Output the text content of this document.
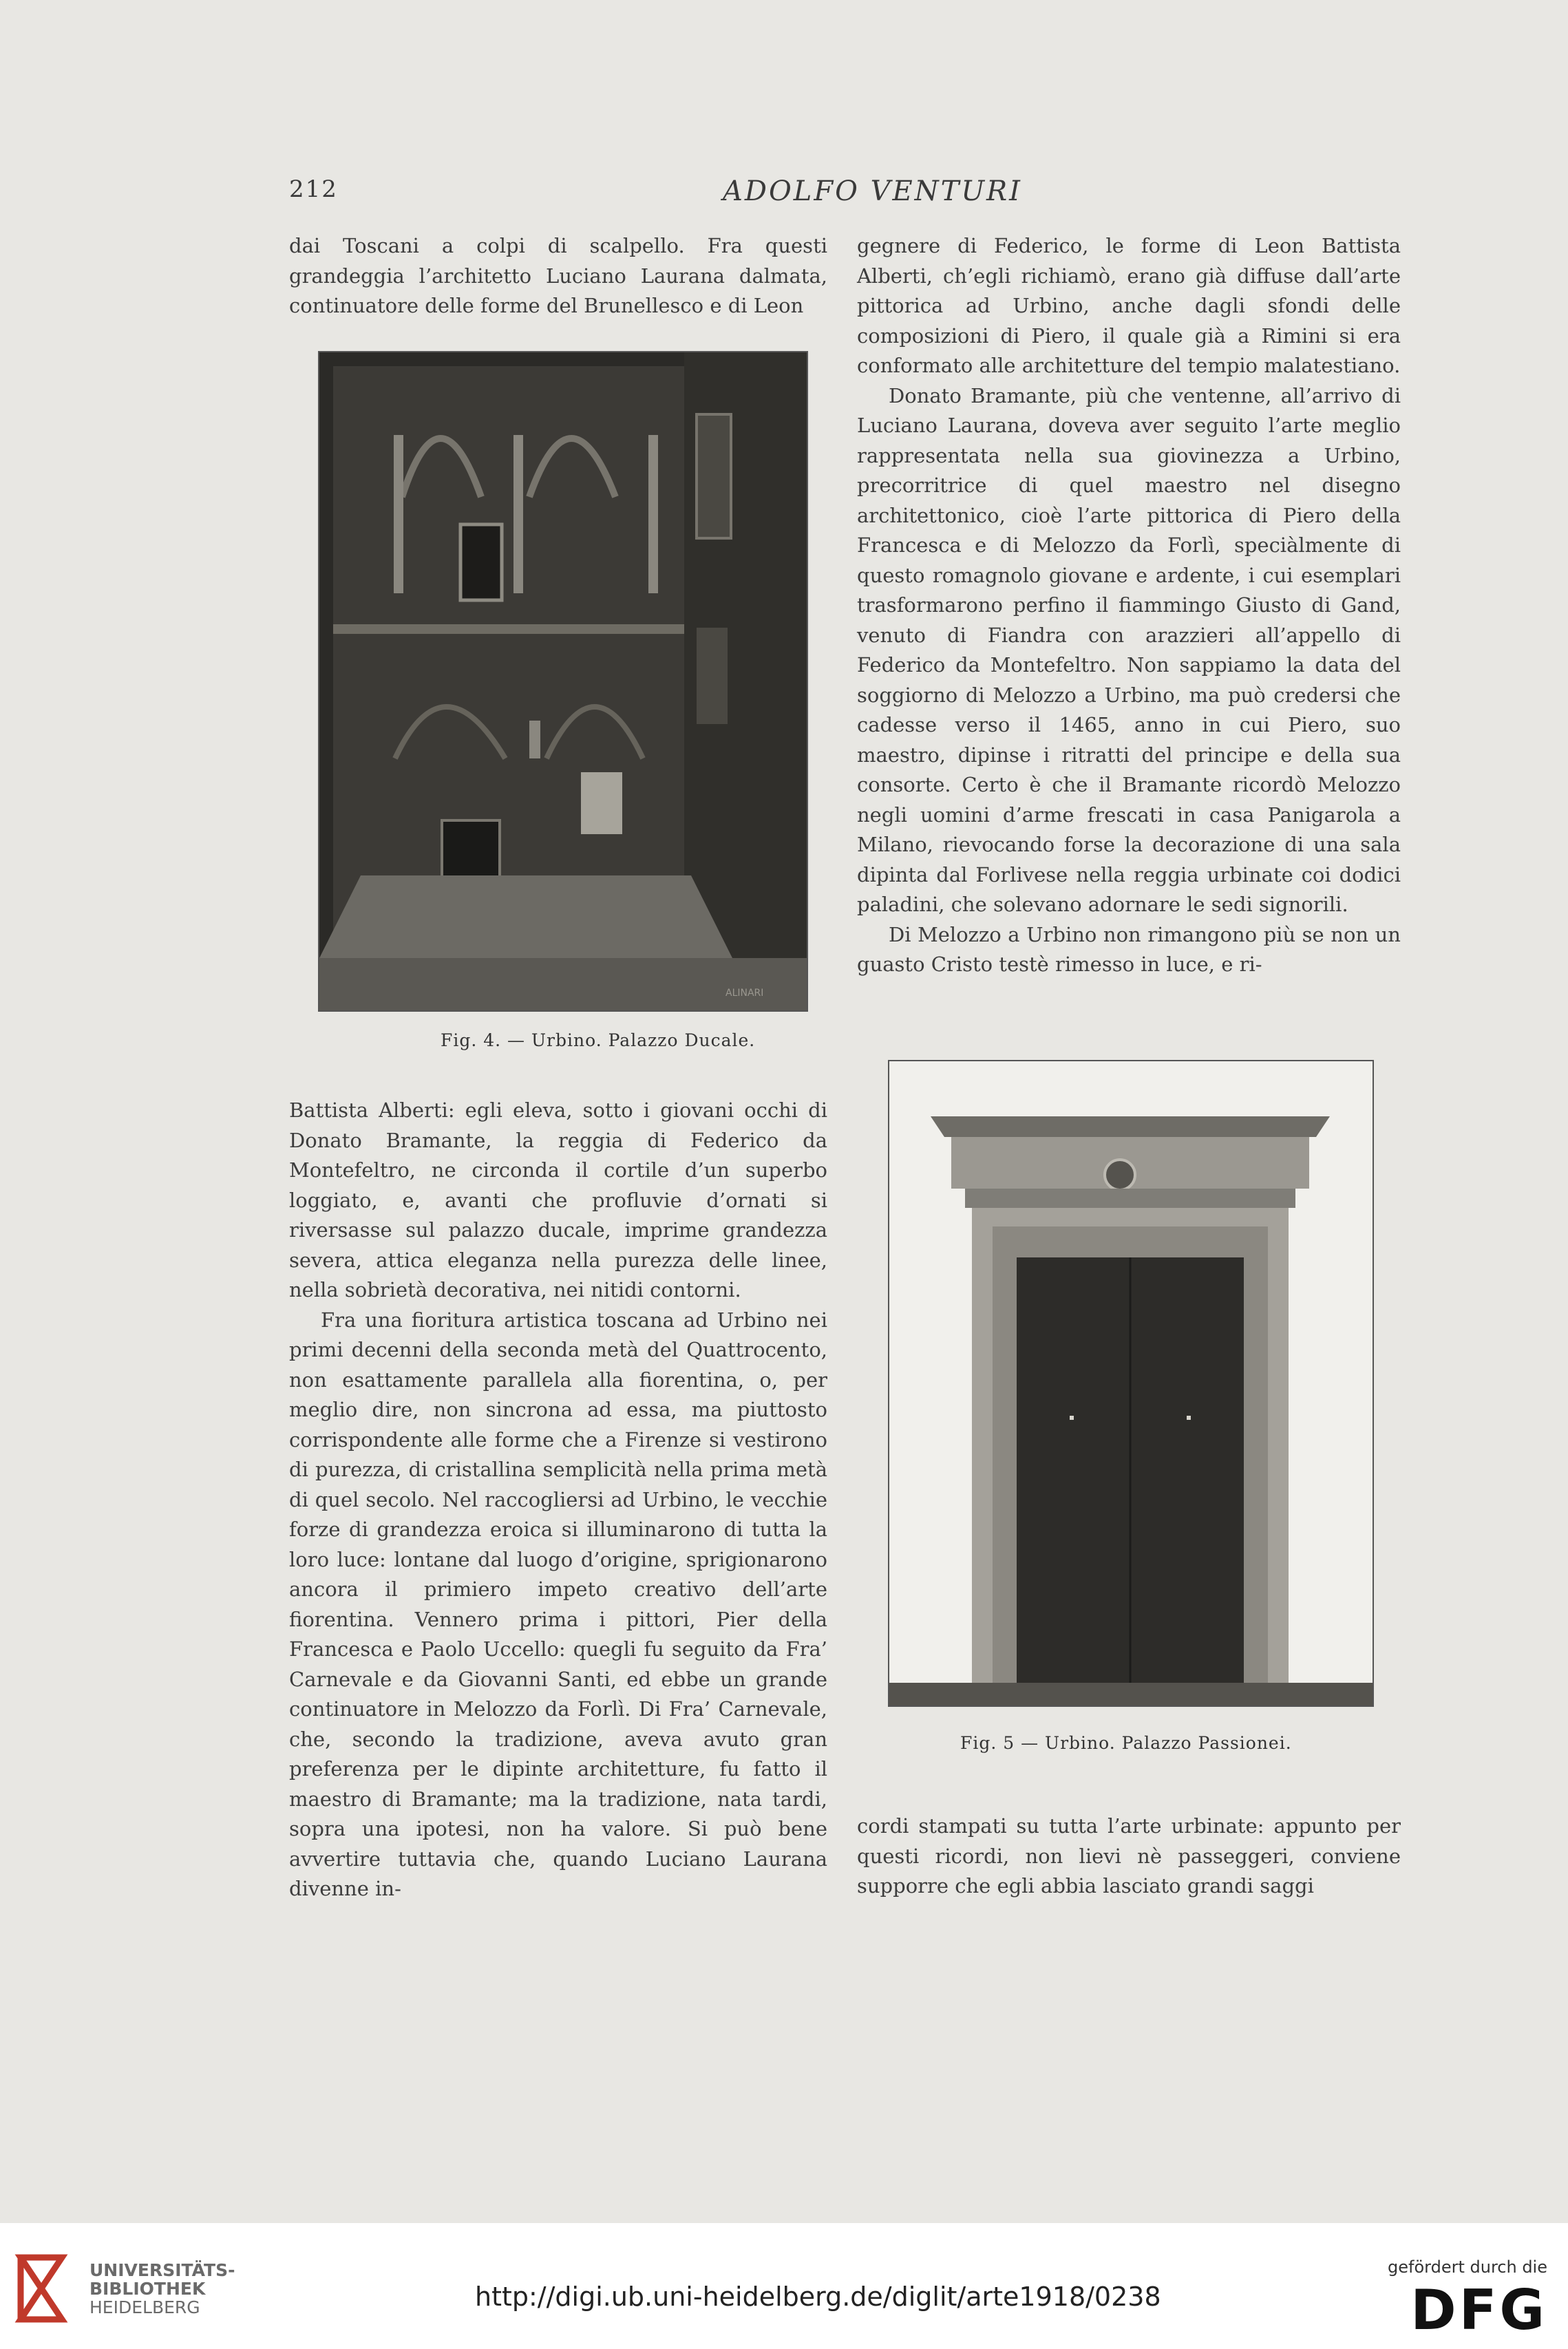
212	ADOLFO VENTURI

dai Toscani a colpi di scalpello. Fra questi grandeggia l’architetto Luciano Laurana dalmata, continuatore delle forme del Brunellesco e di Leon

ALINARI
Fig. 4. — Urbino. Palazzo Ducale.

gegnere di Federico, le forme di Leon Battista Alberti, ch’egli richiamò, erano già diffuse dall’arte pittorica ad Urbino, anche dagli sfondi delle composizioni di Piero, il quale già a Rimini si era conformato alle architetture del tempio malatestiano.

Donato Bramante, più che ventenne, all’arrivo di Luciano Laurana, doveva aver seguito l’arte meglio rappresentata nella sua giovinezza a Urbino, precorritrice di quel maestro nel disegno architettonico, cioè l’arte pittorica di Piero della Francesca e di Melozzo da Forlì, speciàlmente di questo romagnolo giovane e ardente, i cui esemplari trasformarono perfino il fiammingo Giusto di Gand, venuto di Fiandra con arazzieri all’appello di Federico da Montefeltro. Non sappiamo la data del soggiorno di Melozzo a Urbino, ma può credersi che cadesse verso il 1465, anno in cui Piero, suo maestro, dipinse i ritratti del principe e della sua consorte. Certo è che il Bramante ricordò Melozzo negli uomini d’arme frescati in casa Panigarola a Milano, rievocando forse la decorazione di una sala dipinta dal Forlivese nella reggia urbinate coi dodici paladini, che solevano adornare le sedi signorili.

Di Melozzo a Urbino non rimangono più se non un guasto Cristo testè rimesso in luce, e ri-

Battista Alberti: egli eleva, sotto i giovani occhi di Donato Bramante, la reggia di Federico da Montefeltro, ne circonda il cortile d’un superbo loggiato, e, avanti che profluvie d’ornati si riversasse sul palazzo ducale, imprime grandezza severa, attica eleganza nella purezza delle linee, nella sobrietà decorativa, nei nitidi contorni.

Fra una fioritura artistica toscana ad Urbino nei primi decenni della seconda metà del Quattrocento, non esattamente parallela alla fiorentina, o, per meglio dire, non sincrona ad essa, ma piuttosto corrispondente alle forme che a Firenze si vestirono di purezza, di cristallina semplicità nella prima metà di quel secolo. Nel raccogliersi ad Urbino, le vecchie forze di grandezza eroica si illuminarono di tutta la loro luce: lontane dal luogo d’origine, sprigionarono ancora il primiero impeto creativo dell’arte fiorentina. Vennero prima i pittori, Pier della Francesca e Paolo Uccello: quegli fu seguito da Fra’ Carnevale e da Giovanni Santi, ed ebbe un grande continuatore in Melozzo da Forlì. Di Fra’ Carnevale, che, secondo la tradizione, aveva avuto gran preferenza per le dipinte architetture, fu fatto il maestro di Bramante; ma la tradizione, nata tardi, sopra una ipotesi, non ha valore. Si può bene avvertire tuttavia che, quando Luciano Laurana divenne in-

Fig. 5 — Urbino. Palazzo Passionei.

cordi stampati su tutta l’arte urbinate: appunto per questi ricordi, non lievi nè passeggeri, conviene supporre che egli abbia lasciato grandi saggi

UNIVERSITÄTS-
BIBLIOTHEK
HEIDELBERG	http://digi.ub.uni-heidelberg.de/diglit/arte1918/0238
gefördert durch die
DFG
